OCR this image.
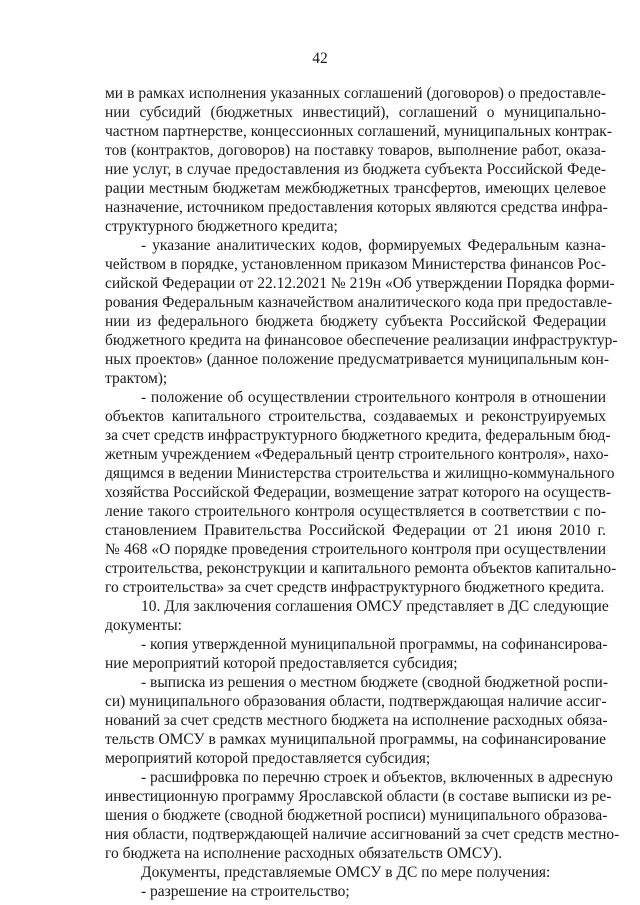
42
ми в рамках исполнения указанных соглашений (договоров) о предоставле-
нии субсидий (бюджетных инвестиций), соглашений о муниципально-
частном партнерстве, концессионных соглашений, муниципальных контрак-
тов (контрактов, договоров) на поставку товаров, выполнение работ, оказа-
ние услуг, в случае предоставления из бюджета субъекта Российской Феде-
рации местным бюджетам межбюджетных трансфертов, имеющих целевое
назначение, источником предоставления которых являются средства инфра-
структурного бюджетного кредита;
- указание аналитических кодов, формируемых Федеральным казна-
чейством в порядке, установленном приказом Министерства финансов Рос-
сийской Федерации от 22.12.2021 № 219н «Об утверждении Порядка форми-
рования Федеральным казначейством аналитического кода при предоставле-
нии из федерального бюджета бюджету субъекта Российской Федерации
бюджетного кредита на финансовое обеспечение реализации инфраструктур-
ных проектов» (данное положение предусматривается муниципальным кон-
трактом);
- положение об осуществлении строительного контроля в отношении
объектов капитального строительства, создаваемых и реконструируемых
за счет средств инфраструктурного бюджетного кредита, федеральным бюд-
жетным учреждением «Федеральный центр строительного контроля», нахо-
дящимся в ведении Министерства строительства и жилищно-коммунального
хозяйства Российской Федерации, возмещение затрат которого на осуществ-
ление такого строительного контроля осуществляется в соответствии с по-
становлением Правительства Российской Федерации от 21 июня 2010 г.
№ 468 «О порядке проведения строительного контроля при осуществлении
строительства, реконструкции и капитального ремонта объектов капитально-
го строительства» за счет средств инфраструктурного бюджетного кредита.
10. Для заключения соглашения ОМСУ представляет в ДС следующие
документы:
- копия утвержденной муниципальной программы, на софинансирова-
ние мероприятий которой предоставляется субсидия;
- выписка из решения о местном бюджете (сводной бюджетной роспи-
си) муниципального образования области, подтверждающая наличие ассиг-
нований за счет средств местного бюджета на исполнение расходных обяза-
тельств ОМСУ в рамках муниципальной программы, на софинансирование
мероприятий которой предоставляется субсидия;
- расшифровка по перечню строек и объектов, включенных в адресную
инвестиционную программу Ярославской области (в составе выписки из ре-
шения о бюджете (сводной бюджетной росписи) муниципального образова-
ния области, подтверждающей наличие ассигнований за счет средств местно-
го бюджета на исполнение расходных обязательств ОМСУ).
Документы, представляемые ОМСУ в ДС по мере получения:
- разрешение на строительство;
